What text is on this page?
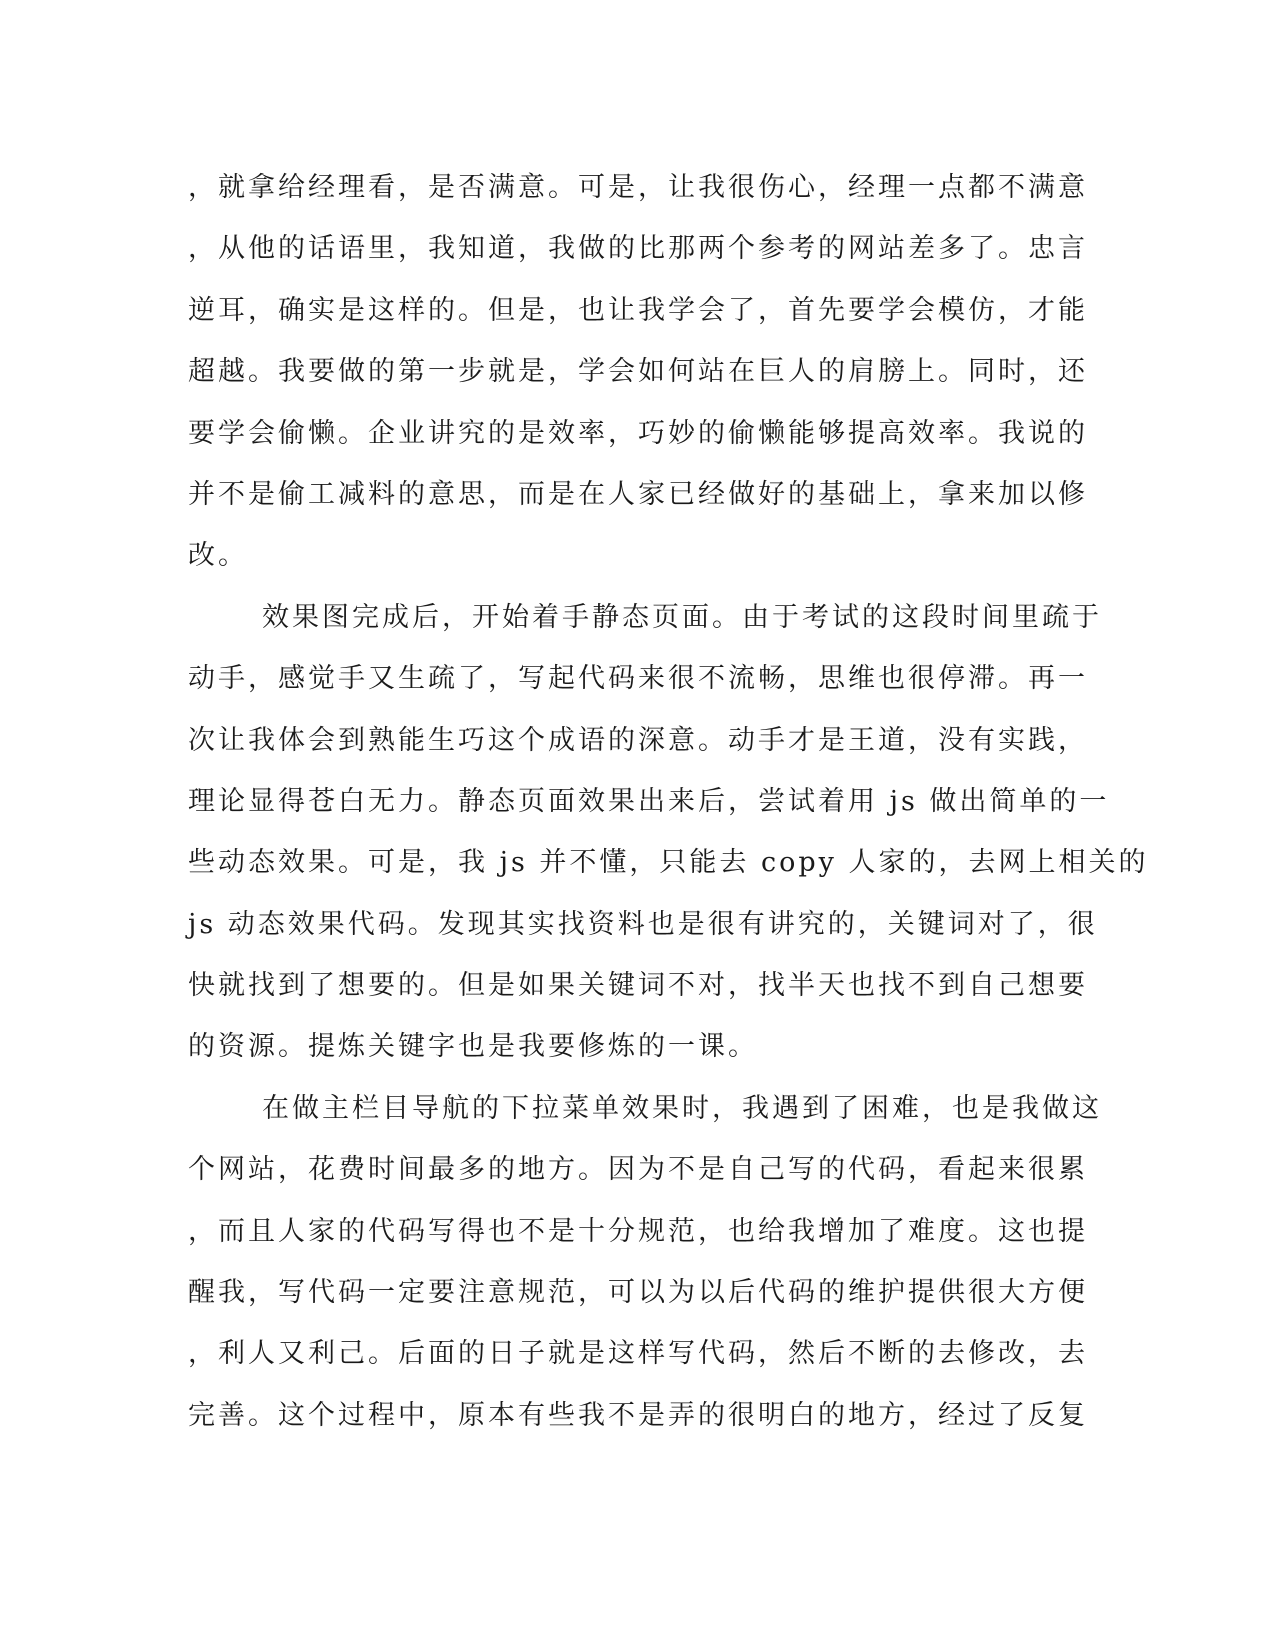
，就拿给经理看，是否满意。可是，让我很伤心，经理一点都不满意
，从他的话语里，我知道，我做的比那两个参考的网站差多了。忠言
逆耳，确实是这样的。但是，也让我学会了，首先要学会模仿，才能
超越。我要做的第一步就是，学会如何站在巨人的肩膀上。同时，还
要学会偷懒。企业讲究的是效率，巧妙的偷懒能够提高效率。我说的
并不是偷工减料的意思，而是在人家已经做好的基础上，拿来加以修
改。
效果图完成后，开始着手静态页面。由于考试的这段时间里疏于
动手，感觉手又生疏了，写起代码来很不流畅，思维也很停滞。再一
次让我体会到熟能生巧这个成语的深意。动手才是王道，没有实践，
理论显得苍白无力。静态页面效果出来后，尝试着用 js 做出简单的一
些动态效果。可是，我 js 并不懂，只能去 copy 人家的，去网上相关的
js 动态效果代码。发现其实找资料也是很有讲究的，关键词对了，很
快就找到了想要的。但是如果关键词不对，找半天也找不到自己想要
的资源。提炼关键字也是我要修炼的一课。
在做主栏目导航的下拉菜单效果时，我遇到了困难，也是我做这
个网站，花费时间最多的地方。因为不是自己写的代码，看起来很累
，而且人家的代码写得也不是十分规范，也给我增加了难度。这也提
醒我，写代码一定要注意规范，可以为以后代码的维护提供很大方便
，利人又利己。后面的日子就是这样写代码，然后不断的去修改，去
完善。这个过程中，原本有些我不是弄的很明白的地方，经过了反复
